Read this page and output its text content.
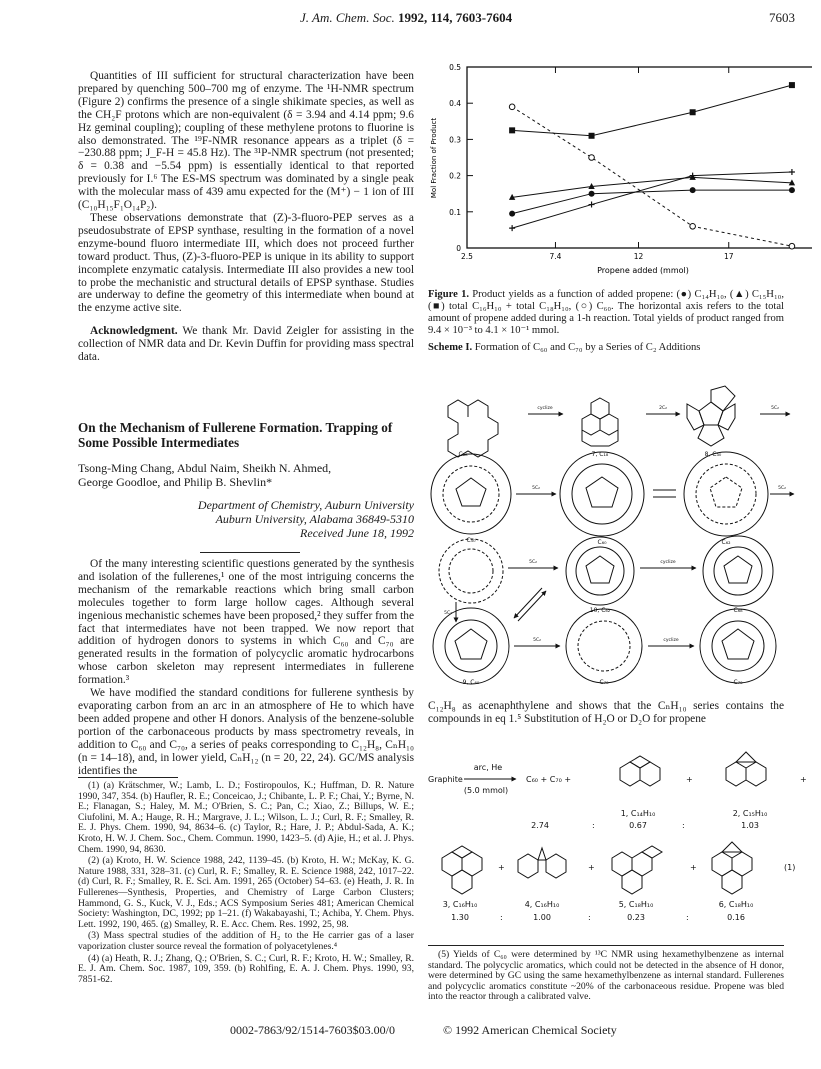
J. Am. Chem. Soc. 1992, 114, 7603-7604	7603

Quantities of III sufficient for structural characterization have been prepared by quenching 500–700 mg of enzyme. The ¹H-NMR spectrum (Figure 2) confirms the presence of a single shikimate species, as well as the CH₂F protons which are non-equivalent (δ = 3.94 and 4.14 ppm; 9.6 Hz geminal coupling); coupling of these methylene protons to fluorine is also demonstrated. The ¹⁹F-NMR resonance appears as a triplet (δ = −230.88 ppm; J_F-H = 45.8 Hz). The ³¹P-NMR spectrum (not presented; δ = 0.38 and −5.54 ppm) is essentially identical to that reported previously for I.⁶ The ES-MS spectrum was dominated by a single peak with the molecular mass of 439 amu expected for the (M⁺) − 1 ion of III (C₁₀H₁₅F₁O₁₄P₂).

These observations demonstrate that (Z)-3-fluoro-PEP serves as a pseudosubstrate of EPSP synthase, resulting in the formation of a novel enzyme-bound fluoro intermediate III, which does not proceed further toward product. Thus, (Z)-3-fluoro-PEP is unique in its ability to support incomplete enzymatic catalysis. Intermediate III also provides a new tool to probe the mechanistic and structural details of EPSP synthase. Studies are underway to define the geometry of this intermediate when bound at the enzyme active site.

Acknowledgment. We thank Mr. David Zeigler for assisting in the collection of NMR data and Dr. Kevin Duffin for providing mass spectral data.

On the Mechanism of Fullerene Formation. Trapping of Some Possible Intermediates
Tsong-Ming Chang, Abdul Naim, Sheikh N. Ahmed,
George Goodloe, and Philip B. Shevlin*
Department of Chemistry, Auburn University
Auburn University, Alabama 36849-5310
Received June 18, 1992

Of the many interesting scientific questions generated by the synthesis and isolation of the fullerenes,¹ one of the most intriguing concerns the mechanism of the remarkable reactions which bring small carbon molecules together to form large hollow cages. Although several ingenious mechanistic schemes have been proposed,² they suffer from the fact that intermediates have not been trapped. We now report that addition of hydrogen donors to systems in which C₆₀ and C₇₀ are generated results in the formation of polycyclic aromatic hydrocarbons whose carbon skeleton may represent intermediates in fullerene formation.³

We have modified the standard conditions for fullerene synthesis by evaporating carbon from an arc in an atmosphere of He to which have been added propene and other H donors. Analysis of the benzene-soluble portion of the carbonaceous products by mass spectrometry reveals, in addition to C₆₀ and C₇₀, a series of peaks corresponding to C₁₂H₈, CₙH₁₀ (n = 14–18), and, in lower yield, CₙH₁₂ (n = 20, 22, 24). GC/MS analysis identifies the

(1) (a) Krätschmer, W.; Lamb, L. D.; Fostiropoulos, K.; Huffman, D. R. Nature 1990, 347, 354. (b) Haufler, R. E.; Conceicao, J.; Chibante, L. P. F.; Chai, Y.; Byrne, N. E.; Flanagan, S.; Haley, M. M.; O'Brien, S. C.; Pan, C.; Xiao, Z.; Billups, W. E.; Ciufolini, M. A.; Hauge, R. H.; Margrave, J. L.; Wilson, L. J.; Curl, R. F.; Smalley, R. E. J. Phys. Chem. 1990, 94, 8634–6. (c) Taylor, R.; Hare, J. P.; Abdul-Sada, A. K.; Kroto, H. W. J. Chem. Soc., Chem. Commun. 1990, 1423–5. (d) Ajie, H.; et al. J. Phys. Chem. 1990, 94, 8630.

(2) (a) Kroto, H. W. Science 1988, 242, 1139–45. (b) Kroto, H. W.; McKay, K. G. Nature 1988, 331, 328–31. (c) Curl, R. F.; Smalley, R. E. Science 1988, 242, 1017–22. (d) Curl, R. F.; Smalley, R. E. Sci. Am. 1991, 265 (October) 54–63. (e) Heath, J. R. In Fullerenes—Synthesis, Properties, and Chemistry of Large Carbon Clusters; Hammond, G. S., Kuck, V. J., Eds.; ACS Symposium Series 481; American Chemical Society: Washington, DC, 1992; pp 1–21. (f) Wakabayashi, T.; Achiba, Y. Chem. Phys. Lett. 1992, 190, 465. (g) Smalley, R. E. Acc. Chem. Res. 1992, 25, 98.

(3) Mass spectral studies of the addition of H₂ to the He carrier gas of a laser vaporization cluster source reveal the formation of polyacetylenes.⁴

(4) (a) Heath, R. J.; Zhang, Q.; O'Brien, S. C.; Curl, R. F.; Kroto, H. W.; Smalley, R. E. J. Am. Chem. Soc. 1987, 109, 359. (b) Rohlfing, E. A. J. Chem. Phys. 1990, 93, 7851-62.

2.5	7.4	12	17
0
0.1
0.2
0.3
0.4
0.5
Propene added (mmol)
Mol Fraction of Product
Figure 1. Product yields as a function of added propene: (●) C₁₄H₁₀, (▲) C₁₅H₁₀, (■) total C₁₆H₁₀ + total C₁₈H₁₀, (○) C₆₀. The horizontal axis refers to the total amount of propene added during a 1-h reaction. Total yields of product ranged from 9.4 × 10⁻³ to 4.1 × 10⁻¹ mmol.
Scheme I. Formation of C₆₀ and C₇₀ by a Series of C₂ Additions
cyclize	2C₂	5C₂
5C₂	5C₂
5C₂	cyclize
5C₂
5C₂	cyclize
C₁₈	7, C₁₈	8, C₃₀
C₅₀	C₆₀	C₆₂
10, C₆₂	C₆₈
9, C₆₀	C₇₀	C₇₀

C₁₂H₈ as acenaphthylene and shows that the CₙH₁₀ series contains the compounds in eq 1.⁵ Substitution of H₂O or D₂O for propene

Graphite
arc, He
(5.0 mmol)
C₆₀ + C₇₀ +
2.74
+	+
:	:
1, C₁₄H₁₀
0.67
2, C₁₅H₁₀
1.03
3, C₁₆H₁₀
1.30
4, C₁₆H₁₀
1.00
5, C₁₈H₁₀
0.23
6, C₁₈H₁₀
0.16
+	+	+	(1)
:	:	:

(5) Yields of C₆₀ were determined by ¹³C NMR using hexamethylbenzene as internal standard. The polycyclic aromatics, which could not be detected in the absence of H donor, were determined by GC using the same hexamethylbenzene as internal standard. Fullerenes and polycyclic aromatics constitute ~20% of the carbonaceous residue. Propene was bled into the reactor through a calibrated valve.

0002-7863/92/1514-7603$03.00/0	© 1992 American Chemical Society
